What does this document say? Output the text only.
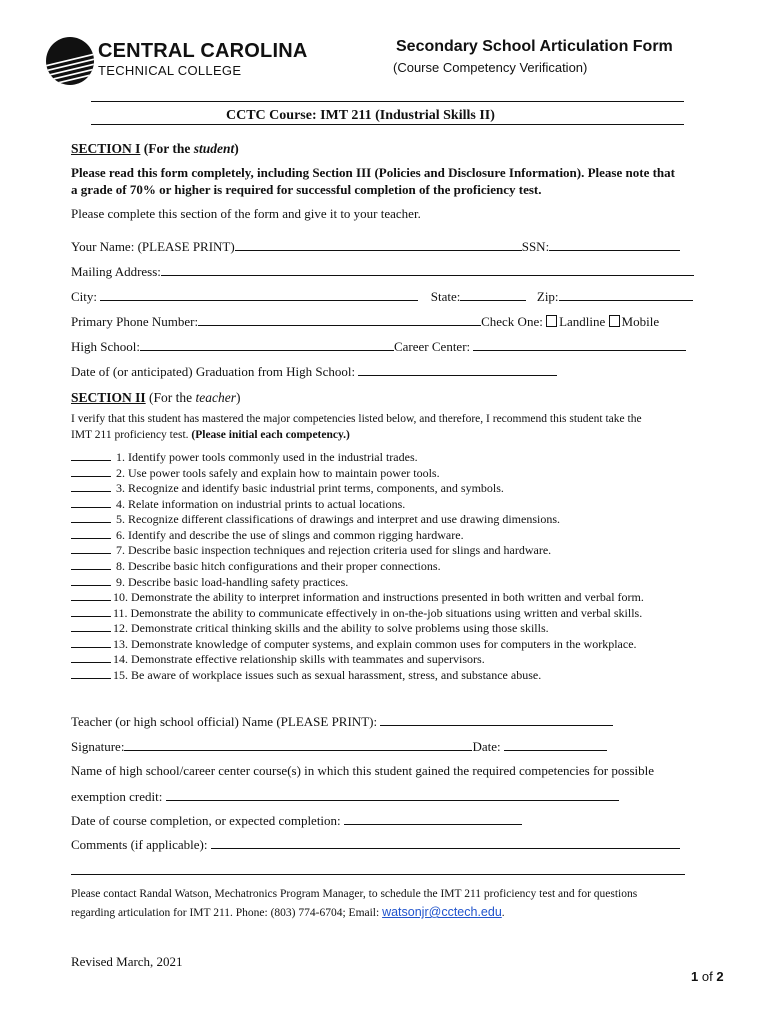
CENTRAL CAROLINA
TECHNICAL COLLEGE
Secondary School Articulation Form
(Course Competency Verification)
CCTC Course: IMT 211 (Industrial Skills II)
SECTION I (For the student)
Please read this form completely, including Section III (Policies and Disclosure Information). Please note that
a grade of 70% or higher is required for successful completion of the proficiency test.
Please complete this section of the form and give it to your teacher.
Your Name: (PLEASE PRINT)	SSN:
Mailing Address:
City:	State:	Zip:
Primary Phone Number:	Check One: Landline Mobile
High School:	Career Center:
Date of (or anticipated) Graduation from High School:
SECTION II (For the teacher)
I verify that this student has mastered the major competencies listed below, and therefore, I recommend this student take the
IMT 211 proficiency test. (Please initial each competency.)
1. Identify power tools commonly used in the industrial trades.
2. Use power tools safely and explain how to maintain power tools.
3. Recognize and identify basic industrial print terms, components, and symbols.
4. Relate information on industrial prints to actual locations.
5. Recognize different classifications of drawings and interpret and use drawing dimensions.
6. Identify and describe the use of slings and common rigging hardware.
7. Describe basic inspection techniques and rejection criteria used for slings and hardware.
8. Describe basic hitch configurations and their proper connections.
9. Describe basic load-handling safety practices.
10. Demonstrate the ability to interpret information and instructions presented in both written and verbal form.
11. Demonstrate the ability to communicate effectively in on-the-job situations using written and verbal skills.
12. Demonstrate critical thinking skills and the ability to solve problems using those skills.
13. Demonstrate knowledge of computer systems, and explain common uses for computers in the workplace.
14. Demonstrate effective relationship skills with teammates and supervisors.
15. Be aware of workplace issues such as sexual harassment, stress, and substance abuse.
Teacher (or high school official) Name (PLEASE PRINT):
Signature:	Date:
Name of high school/career center course(s) in which this student gained the required competencies for possible
exemption credit:
Date of course completion, or expected completion:
Comments (if applicable):
Please contact Randal Watson, Mechatronics Program Manager, to schedule the IMT 211 proficiency test and for questions
regarding articulation for IMT 211. Phone: (803) 774-6704; Email: watsonjr@cctech.edu.
Revised March, 2021
1 of 2
